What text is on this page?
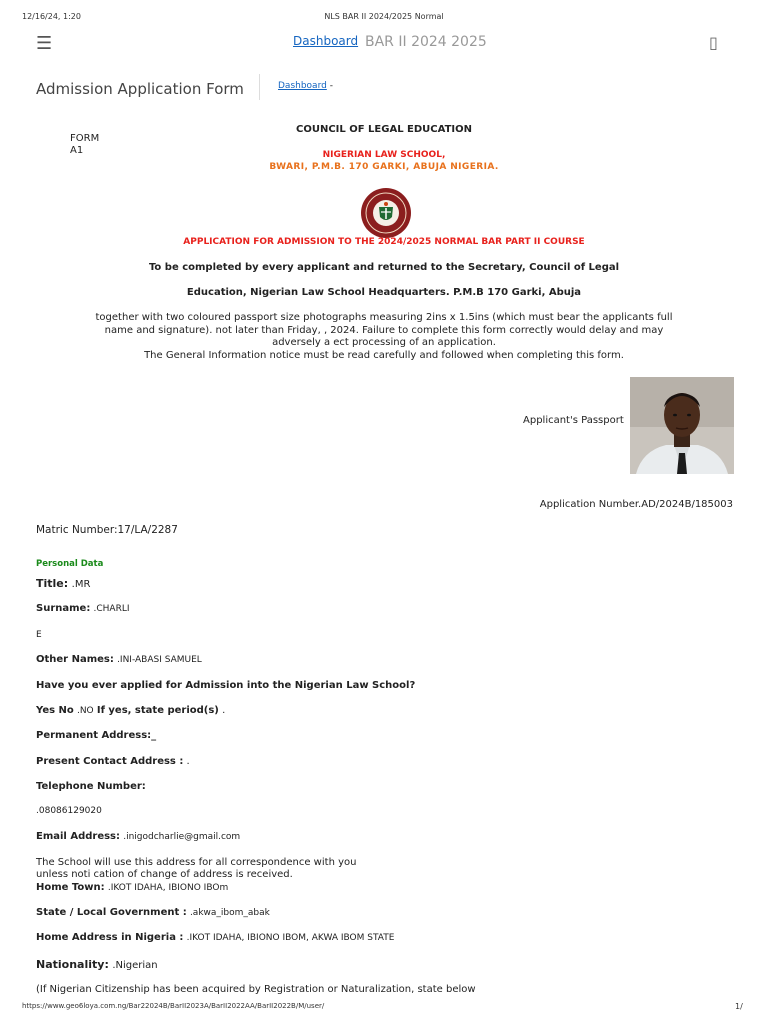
12/16/24, 1:20	NLS BAR II 2024/2025 Normal
☰	Dashboard BAR II 2024 2025	▯
Admission Application Form	Dashboard -
FORM
A1
COUNCIL OF LEGAL EDUCATION
NIGERIAN LAW SCHOOL,
BWARI, P.M.B. 170 GARKI, ABUJA NIGERIA.
APPLICATION FOR ADMISSION TO THE 2024/2025 NORMAL BAR PART II COURSE
To be completed by every applicant and returned to the Secretary, Council of Legal
Education, Nigerian Law School Headquarters. P.M.B 170 Garki, Abuja
together with two coloured passport size photographs measuring 2ins x 1.5ins (which must bear the applicants full
name and signature). not later than Friday, , 2024. Failure to complete this form correctly would delay and may
adversely a ect processing of an application.
The General Information notice must be read carefully and followed when completing this form.
Applicant's Passport
Application Number.AD/2024B/185003
Matric Number:17/LA/2287
Personal Data
Title: .MR
Surname: .CHARLI
E
Other Names: .INI-ABASI SAMUEL
Have you ever applied for Admission into the Nigerian Law School?
Yes No .NO If yes, state period(s) .
Permanent Address:_
Present Contact Address : .
Telephone Number:
.08086129020
Email Address: .inigodcharlie@gmail.com
The School will use this address for all correspondence with you
unless noti cation of change of address is received.
Home Town: .IKOT IDAHA, IBIONO IBOm
State / Local Government : .akwa_ibom_abak
Home Address in Nigeria : .IKOT IDAHA, IBIONO IBOM, AKWA IBOM STATE
Nationality: .Nigerian
(If Nigerian Citizenship has been acquired by Registration or Naturalization, state below
https://www.geo6loya.com.ng/Bar22024B/BarII2023A/BarII2022AA/BarII2022B/M/user/	1/
